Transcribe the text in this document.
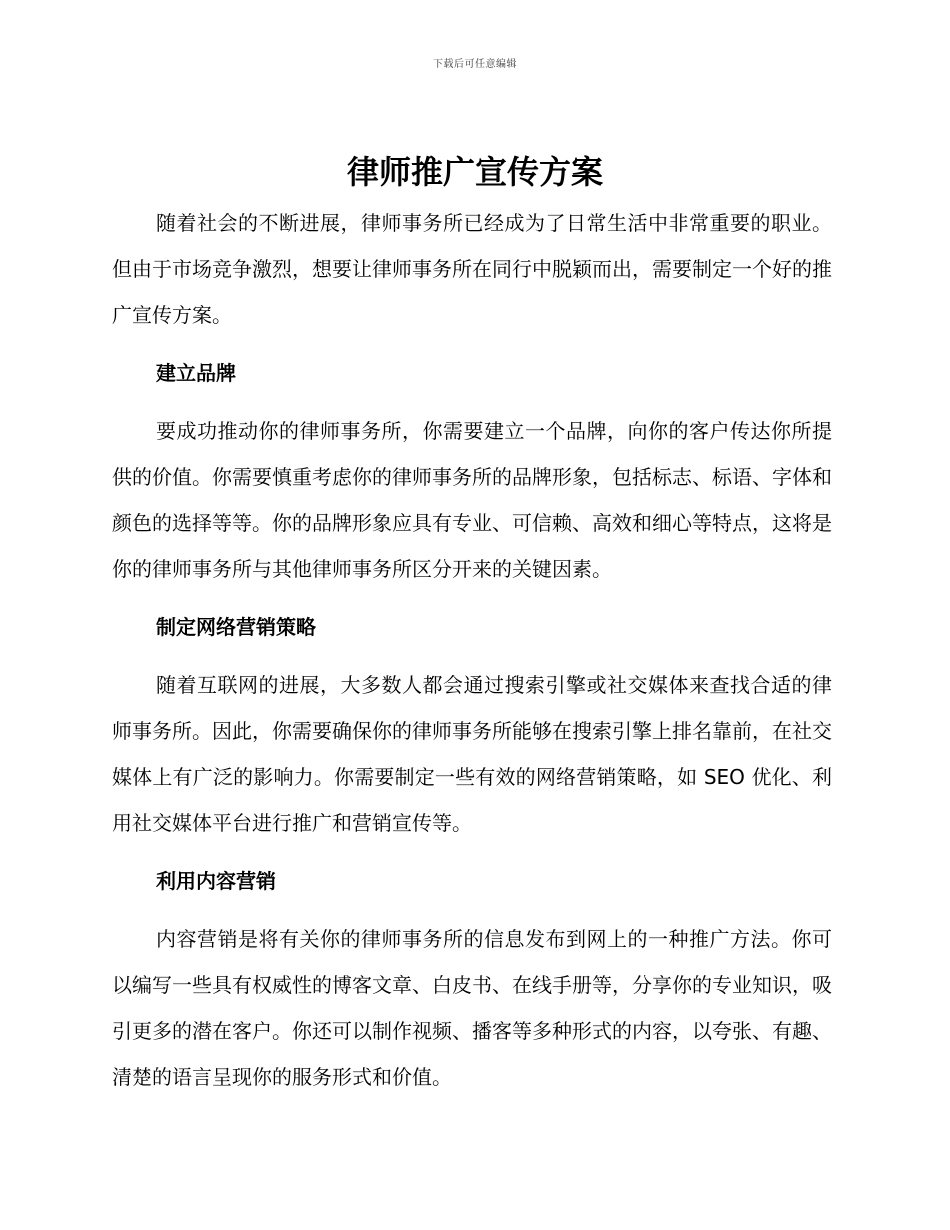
下载后可任意编辑
律师推广宣传方案

随着社会的不断进展，律师事务所已经成为了日常生活中非常重要的职业。但由于市场竞争激烈，想要让律师事务所在同行中脱颖而出，需要制定一个好的推广宣传方案。

建立品牌

要成功推动你的律师事务所，你需要建立一个品牌，向你的客户传达你所提供的价值。你需要慎重考虑你的律师事务所的品牌形象，包括标志、标语、字体和颜色的选择等等。你的品牌形象应具有专业、可信赖、高效和细心等特点，这将是你的律师事务所与其他律师事务所区分开来的关键因素。

制定网络营销策略

随着互联网的进展，大多数人都会通过搜索引擎或社交媒体来查找合适的律师事务所。因此，你需要确保你的律师事务所能够在搜索引擎上排名靠前，在社交媒体上有广泛的影响力。你需要制定一些有效的网络营销策略，如 SEO 优化、利用社交媒体平台进行推广和营销宣传等。

利用内容营销

内容营销是将有关你的律师事务所的信息发布到网上的一种推广方法。你可以编写一些具有权威性的博客文章、白皮书、在线手册等，分享你的专业知识，吸引更多的潜在客户。你还可以制作视频、播客等多种形式的内容，以夸张、有趣、清楚的语言呈现你的服务形式和价值。
